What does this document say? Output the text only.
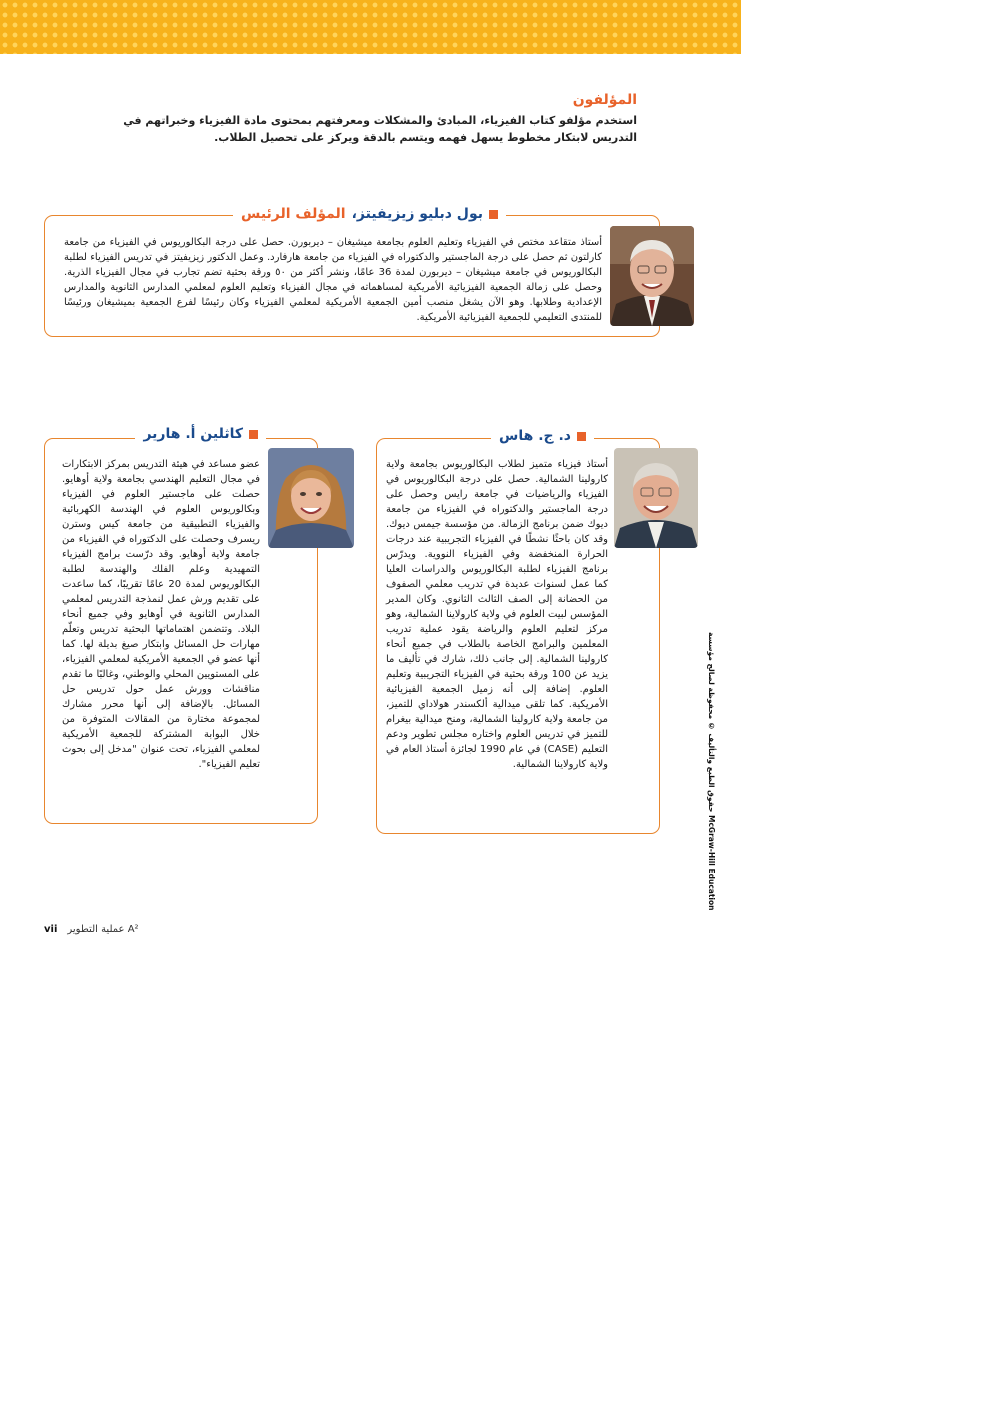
المؤلفون

استخدم مؤلفو كتاب الفيزياء، المبادئ والمشكلات ومعرفتهم بمحتوى مادة الفيزياء وخبراتهم في التدريس لابتكار مخطوط يسهل فهمه ويتسم بالدقة ويركز على تحصيل الطلاب.

بول دبليو زيزيفيتز،
المؤلف الرئيس

أستاذ متقاعد مختص في الفيزياء وتعليم العلوم بجامعة ميشيغان – ديربورن. حصل على درجة البكالوريوس في الفيزياء من جامعة كارلتون ثم حصل على درجة الماجستير والدكتوراه في الفيزياء من جامعة هارفارد. وعمل الدكتور زيزيفيتز في تدريس الفيزياء لطلبة البكالوريوس في جامعة ميشيغان – ديربورن لمدة 36 عامًا، ونشر أكثر من ٥٠ ورقة بحثية تضم تجارب في مجال الفيزياء الذرية. وحصل على زمالة الجمعية الفيزيائية الأمريكية لمساهماته في مجال الفيزياء وتعليم العلوم لمعلمي المدارس الثانوية والمدارس الإعدادية وطلابها. وهو الآن يشغل منصب أمين الجمعية الأمريكية لمعلمي الفيزياء وكان رئيسًا لفرع الجمعية بميشيغان ورئيسًا للمنتدى التعليمي للجمعية الفيزيائية الأمريكية.

د. ج. هاس

أستاذ فيزياء متميز لطلاب البكالوريوس بجامعة ولاية كارولينا الشمالية. حصل على درجة البكالوريوس في الفيزياء والرياضيات في جامعة رايس وحصل على درجة الماجستير والدكتوراه في الفيزياء من جامعة ديوك ضمن برنامج الزمالة. من مؤسسة جيمس ديوك. وقد كان باحثًا نشطًا في الفيزياء التجريبية عند درجات الحرارة المنخفضة وفي الفيزياء النووية. ويدرّس برنامج الفيزياء لطلبة البكالوريوس والدراسات العليا كما عمل لسنوات عديدة في تدريب معلمي الصفوف من الحضانة إلى الصف الثالث الثانوي. وكان المدير المؤسس لبيت العلوم في ولاية كارولاينا الشمالية، وهو مركز لتعليم العلوم والرياضة يقود عملية تدريب المعلمين والبرامج الخاصة بالطلاب في جميع أنحاء كارولينا الشمالية. إلى جانب ذلك، شارك في تأليف ما يزيد عن 100 ورقة بحثية في الفيزياء التجريبية وتعليم العلوم. إضافة إلى أنه زميل الجمعية الفيزيائية الأمريكية. كما تلقى ميدالية ألكسندر هولاداي للتميز، من جامعة ولاية كارولينا الشمالية، ومنح ميدالية بيغرام للتميز في تدريس العلوم واختاره مجلس تطوير ودعم التعليم (CASE) في عام 1990 لجائزة أستاذ العام في ولاية كارولاينا الشمالية.

كاثلين أ. هارير

عضو مساعد في هيئة التدريس بمركز الابتكارات في مجال التعليم الهندسي بجامعة ولاية أوهايو. حصلت على ماجستير العلوم في الفيزياء وبكالوريوس العلوم في الهندسة الكهربائية والفيزياء التطبيقية من جامعة كيس وسترن ريسرف وحصلت على الدكتوراه في الفيزياء من جامعة ولاية أوهايو. وقد درّست برامج الفيزياء التمهيدية وعلم الفلك والهندسة لطلبة البكالوريوس لمدة 20 عامًا تقريبًا، كما ساعدت على تقديم ورش عمل لنمذجة التدريس لمعلمي المدارس الثانوية في أوهايو وفي جميع أنحاء البلاد. وتتضمن اهتماماتها البحثية تدريس وتعلّم مهارات حل المسائل وابتكار صيغ بديلة لها. كما أنها عضو في الجمعية الأمريكية لمعلمي الفيزياء، على المستويين المحلي والوطني، وغالبًا ما تقدم مناقشات وورش عمل حول تدريس حل المسائل. بالإضافة إلى أنها محرر مشارك لمجموعة مختارة من المقالات المتوفرة من خلال البوابة المشتركة للجمعية الأمريكية لمعلمي الفيزياء، تحت عنوان "مدخل إلى بحوث تعليم الفيزياء".	حقوق الطبع والتأليف © محفوظة لصالح مؤسسة McGraw-Hill Education
vii عملية التطوير A²
